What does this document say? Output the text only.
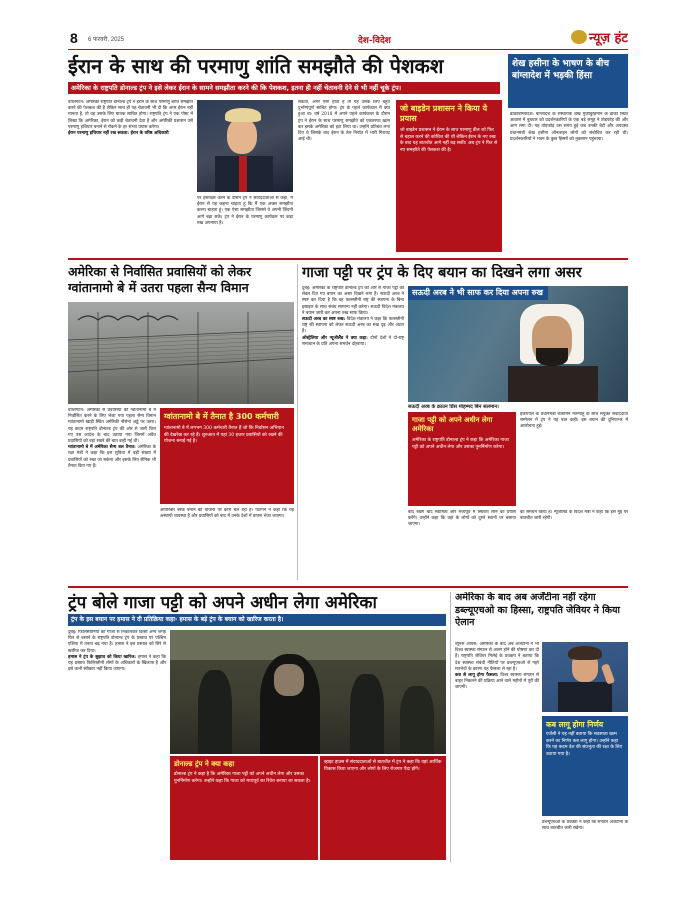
8 6 फरवरी, 2025	देश-विदेश	न्यूज़ हंट
ईरान के साथ की परमाणु शांति समझौते की पेशकश
अमेरिका के राष्ट्रपति डोनाल्ड ट्रंप ने इसे लेकर ईरान के सामने समझौता करने की कि पेशकश, इतना ही नहीं चेतावनी देने से भी नहीं चूके ट्रंप।
वाशिंगटन: अमेरिकी राष्ट्रपति डोनाल्ड ट्रंप ने ईरान के साथ परमाणु शांति समझौते करने की पेशकश की है लेकिन साथ ही यह चेतावनी भी दी कि अगर ईरान नहीं मानता है, तो वह उसके लिए घातक साबित होगा। राष्ट्रपति ट्रंप ने एक पोस्ट में लिखा कि अमेरिका, ईरान को कड़ी चेतावनी देता है और अमेरिकी प्रशासन उसे परमाणु हथियार बनाने से रोकने के हर संभव प्रयास करेगा।
ईरान परमाणु हथियार नहीं रख सकता: ईरान के वरिष्ठ अधिकारी
पर हस्ताक्षर करने के दौरान ट्रंप ने संवाददाताओं से कहा, मैं ईरान से यह कहना चाहता हूं कि मैं एक अच्छा समझौता करना चाहता हूं। एक ऐसा समझौता जिससे वे अपनी ज़िंदगी आगे बढ़ा सकें। ट्रंप ने ईरान के परमाणु कार्यक्रम पर कड़ा रुख अपनाया है।
सकता, अगर ऐसा होता है तो यह उसके लिए बहुत दुर्भाग्यपूर्ण साबित होगा। ट्रंप के पहले कार्यकाल में क्या हुआ था: वर्ष 2018 में अपने पहले कार्यकाल के दौरान ट्रंप ने ईरान के साथ परमाणु समझौते को एकतरफा खत्म कर इसके अमेरिका को हटा लिया था। उन्होंने प्रतिबंध लगा दिए थे जिसके बाद ईरान के तेल निर्यात में भारी गिरावट आई थी।
जो बाइडेन प्रशासन ने किया ये प्रयास
जो बाइडेन प्रशासन ने ईरान के साथ परमाणु डील को फिर से बहाल करने की कोशिश की थी लेकिन ईरान के नए रुख के बाद यह बातचीत आगे नहीं बढ़ सकी। अब ट्रंप ने फिर से नए समझौते की पेशकश की है।
शेख हसीना के भाषण के बीच बांग्लादेश में भड़की हिंसा
ढाकाबांग्लादेश: बांग्लादेश के संस्थापक शेख मुजीबुर्रहमान के ढाका स्थित आवास में बुधवार को प्रदर्शनकारियों के एक बड़े समूह ने तोड़फोड़ की और आग लगा दी। यह तोड़फोड़ उस समय हुई जब उनकी बेटी और अपदस्थ प्रधानमंत्री शेख हसीना ऑनलाइन लोगों को संबोधित कर रही थीं। प्रदर्शनकारियों ने भवन के कुछ हिस्सों को नुकसान पहुंचाया।
अमेरिका से निर्वासित प्रवासियों को लेकर ग्वांतानामो बे में उतरा पहला सैन्य विमान
वाशिंगटन: अमेरिका से प्रवासियों को ग्वांतानामो बे में निर्वासित करने के लिए भेजा गया पहला सैन्य विमान ग्वांतानामो खाड़ी स्थित अमेरिकी नौसेना अड्डे पर उतरा। यह कदम राष्ट्रपति डोनाल्ड ट्रंप की ओर से जारी किए गए उस आदेश के बाद उठाया गया जिसमें अवैध प्रवासियों को वहां रखने की बात कही गई थी।
ग्वांतानामो बे में अमेरिका सैन्य बल तैनात: अमेरिका के रक्षा मंत्री ने कहा कि इस सुविधा में बड़ी संख्या में प्रवासियों को रखा जा सकेगा और इसके लिए सैनिक भी तैनात किए गए हैं।
ग्वांतानामो बे में तैनात है 300 कर्मचारी
ग्वांतानामो बे में लगभग 300 कर्मचारी तैनात हैं जो कि निर्वासन अभियान की देखरेख कर रहे हैं। शुरुआत में यहां 30 हजार प्रवासियों को रखने की योजना बनाई गई है।
अतिरिक्त बैरक बनाने की योजना पर काम चल रहा है। पेंटागन ने कहा कि यह अस्थायी व्यवस्था है और प्रवासियों को बाद में उनके देशों में वापस भेजा जाएगा।
गाजा पट्टी पर ट्रंप के दिए बयान का दिखने लगा असर
दुबई: अमेरिका के राष्ट्रपति डोनाल्ड ट्रंप की ओर से गाजा पट्टी को लेकर दिए गए बयान का असर दिखने लगा है। सऊदी अरब ने स्पष्ट कर दिया है कि वह फलस्तीनी राष्ट्र की स्थापना के बिना इस्राइल के साथ संबंध सामान्य नहीं करेगा। सऊदी विदेश मंत्रालय ने बयान जारी कर अपना रुख साफ किया।
सऊदी अरब का स्पष्ट रुख: विदेश मंत्रालय ने कहा कि फलस्तीनी राष्ट्र की स्थापना को लेकर सऊदी अरब का रुख दृढ़ और अटल है।
ऑस्ट्रेलिया और न्यूजीलैंड ने क्या कहा: दोनों देशों ने दो-राष्ट्र समाधान के प्रति अपना समर्थन दोहराया।
सऊदी अरब ने भी साफ कर दिया अपना रुख
सऊदी अरब के क्राउन प्रिंस मोहम्मद बिन सलमान।
गाजा पट्टी को अपने अधीन लेगा अमेरिका
अमेरिका के राष्ट्रपति डोनाल्ड ट्रंप ने कहा कि अमेरिका गाजा पट्टी को अपने अधीन लेगा और उसका पुनर्निर्माण करेगा।
इजरायल के प्रधानमंत्री बेंजामिन नेतन्याहू के साथ संयुक्त संवाददाता सम्मेलन में ट्रंप ने यह बात कही। इस बयान की दुनियाभर में आलोचना हुई।
बाद रखेंगे बाद स्वामित्व और मध्यपूर्व में स्थिरता लाने का प्रयास करेंगे। उन्होंने कहा कि वहां के लोगों को दूसरे स्थानों पर बसाया जाएगा।
का समर्थन किया है। न्यूजीलैंड के विदेश मंत्री ने कहा कि इस मुद्दे पर बातचीत जारी रहेगी।
ट्रंप बोले गाजा पट्टी को अपने अधीन लेगा अमेरिका
ट्रंप के इस बयान पर हमास ने दी प्रतिक्रिया कहा- हमास के बड़े ट्रंप के बयान को खारिज करता है।
दुबई: फिलिस्तीनियों को गाजा से निकालकर किसी अन्य जगह फिर से बसाने के राष्ट्रपति डोनाल्ड ट्रंप के प्रस्ताव पर पश्चिम एशिया में तनाव बढ़ गया है। हमास ने इस प्रस्ताव को सिरे से खारिज कर दिया।
हमास ने ट्रंप के सुझाव को किया खारिज: हमास ने कहा कि यह प्रस्ताव फिलिस्तीनी लोगों के अधिकारों के खिलाफ है और इसे कभी स्वीकार नहीं किया जाएगा।
डोनाल्ड ट्रंप ने क्या कहा
डोनाल्ड ट्रंप ने कहा है कि अमेरिका गाजा पट्टी को अपने अधीन लेगा और उसका पुनर्निर्माण करेगा। उन्होंने कहा कि गाजा को मध्यपूर्व का रिवेरा बनाया जा सकता है।
व्हाइट हाउस में संवाददाताओं से बातचीत में ट्रंप ने कहा कि वहां आर्थिक विकास किया जाएगा और लोगों के लिए रोजगार पैदा होंगे।
अमेरिका के बाद अब अर्जेंटीना नहीं रहेगा डब्ल्यूएचओ का हिस्सा, राष्ट्रपति जेवियर ने किया ऐलान
ब्यूनस आयर्स: अमेरिका के बाद अब अर्जेंटीना ने भी विश्व स्वास्थ्य संगठन से अलग होने की घोषणा कर दी है। राष्ट्रपति जेवियर मिलेई के प्रवक्ता ने बताया कि देश स्वास्थ्य संबंधी नीतियों पर डब्ल्यूएचओ से गहरे मतभेदों के कारण यह फैसला ले रहा है।
कब से लागू होगा फैसला: विश्व स्वास्थ्य संगठन से बाहर निकलने की प्रक्रिया आने वाले महीनों में पूरी की जाएगी।
कब लागू होगा निर्णय
एजेंसी ने यह नहीं बताया कि सदस्यता खत्म करने का निर्णय कब लागू होगा। उन्होंने कहा कि यह कदम देश की संप्रभुता की रक्षा के लिए उठाया गया है।
डब्ल्यूएचओ के प्रवक्ता ने कहा कि संगठन अर्जेंटीना के साथ बातचीत जारी रखेगा।
